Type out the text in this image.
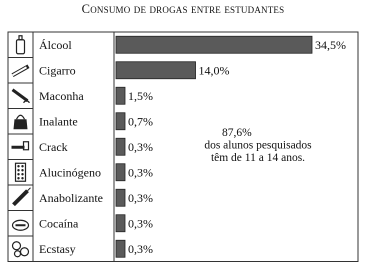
Consumo de drogas entre estudantes
Álcool
Cigarro
Maconha
Inalante
Crack
Alucinógeno
Anabolizante
Cocaína
Ecstasy
34,5%
14,0%
1,5%
0,7%
0,3%
0,3%
0,3%
0,3%
0,3%
87,6% dos alunos pesquisados têm de 11 a 14 anos.
